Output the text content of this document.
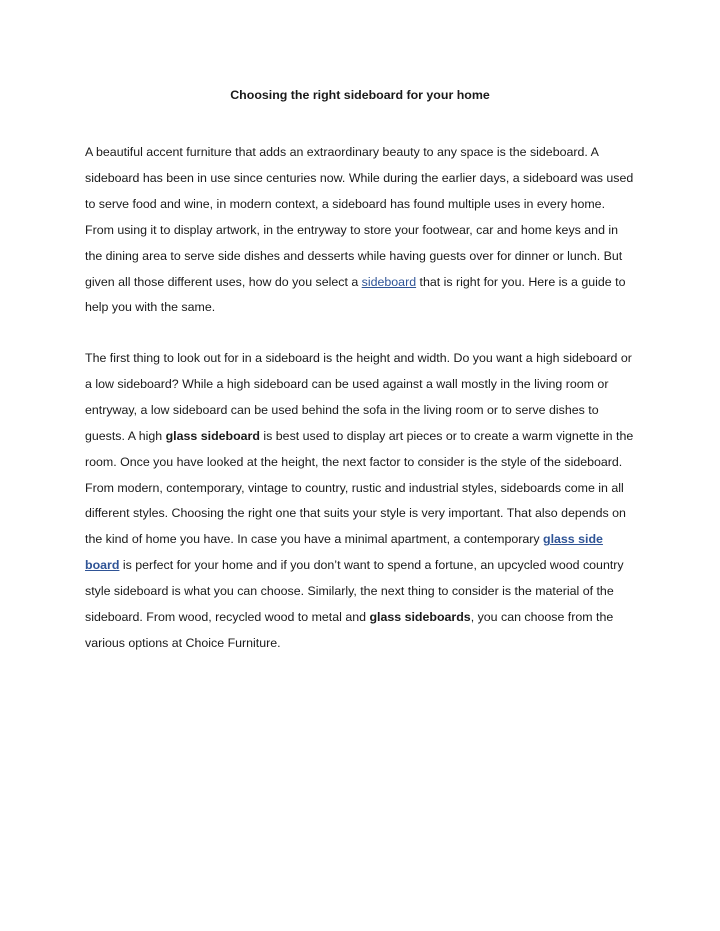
Choosing the right sideboard for your home

A beautiful accent furniture that adds an extraordinary beauty to any space is the sideboard. A sideboard has been in use since centuries now. While during the earlier days, a sideboard was used to serve food and wine, in modern context, a sideboard has found multiple uses in every home. From using it to display artwork, in the entryway to store your footwear, car and home keys and in the dining area to serve side dishes and desserts while having guests over for dinner or lunch. But given all those different uses, how do you select a sideboard that is right for you. Here is a guide to help you with the same.

The first thing to look out for in a sideboard is the height and width. Do you want a high sideboard or a low sideboard? While a high sideboard can be used against a wall mostly in the living room or entryway, a low sideboard can be used behind the sofa in the living room or to serve dishes to guests. A high glass sideboard is best used to display art pieces or to create a warm vignette in the room. Once you have looked at the height, the next factor to consider is the style of the sideboard. From modern, contemporary, vintage to country, rustic and industrial styles, sideboards come in all different styles. Choosing the right one that suits your style is very important. That also depends on the kind of home you have. In case you have a minimal apartment, a contemporary glass side board is perfect for your home and if you don’t want to spend a fortune, an upcycled wood country style sideboard is what you can choose. Similarly, the next thing to consider is the material of the sideboard. From wood, recycled wood to metal and glass sideboards, you can choose from the various options at Choice Furniture.
